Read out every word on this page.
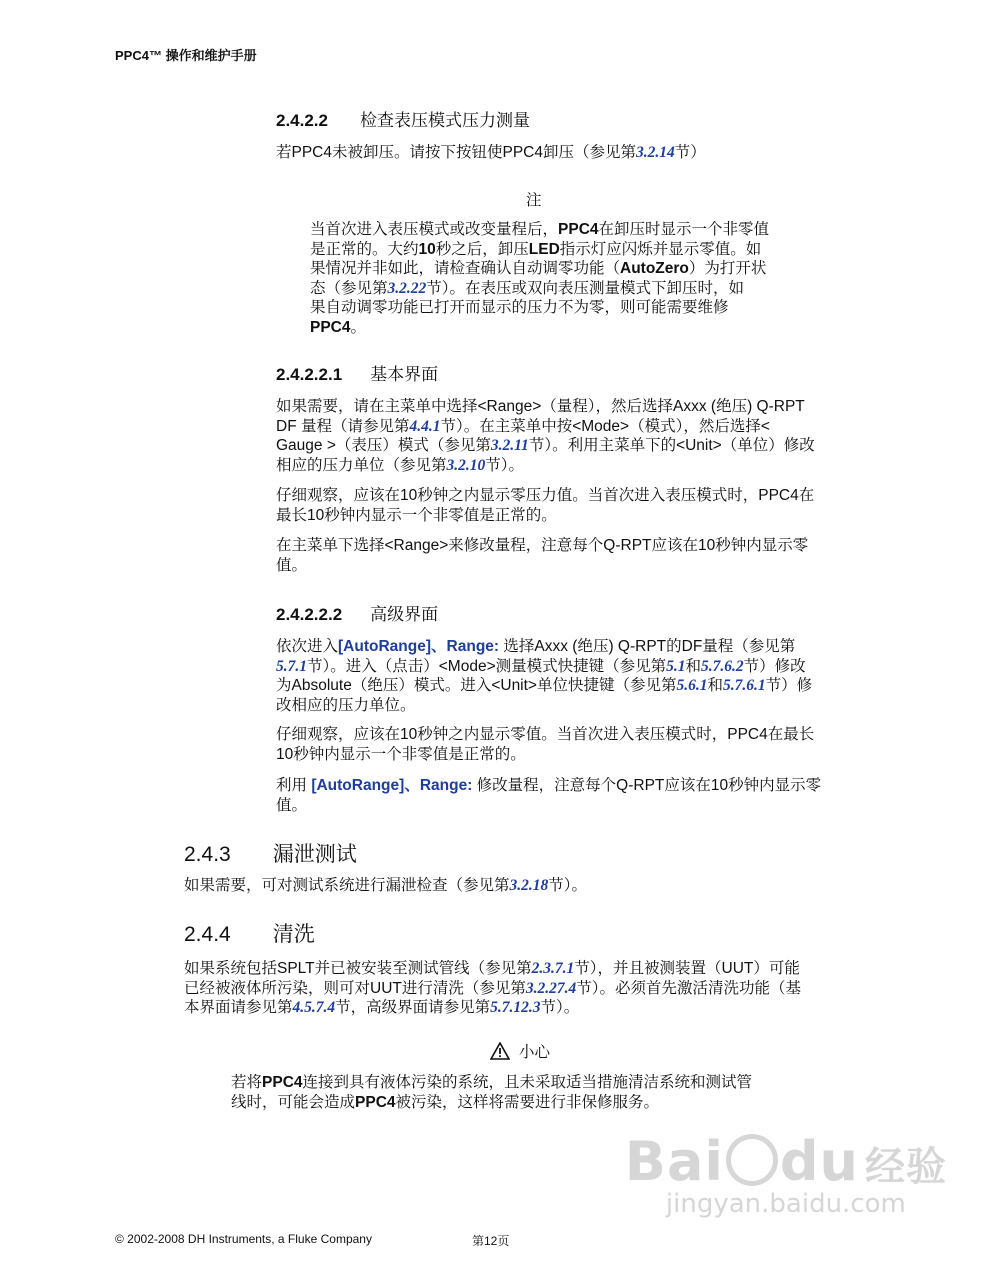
PPC4™ 操作和维护手册
2.4.2.2 检查表压模式压力测量
若PPC4未被卸压。请按下按钮使PPC4卸压（参见第3.2.14节）
注
当首次进入表压模式或改变量程后，PPC4在卸压时显示一个非零值
是正常的。大约10秒之后，卸压LED指示灯应闪烁并显示零值。如
果情况并非如此，请检查确认自动调零功能（AutoZero）为打开状
态（参见第3.2.22节）。在表压或双向表压测量模式下卸压时，如
果自动调零功能已打开而显示的压力不为零，则可能需要维修
PPC4。
2.4.2.2.1 基本界面
如果需要，请在主菜单中选择<Range>（量程），然后选择Axxx (绝压) Q-RPT
DF 量程（请参见第4.4.1节）。在主菜单中按<Mode>（模式），然后选择<
Gauge >（表压）模式（参见第3.2.11节）。利用主菜单下的<Unit>（单位）修改
相应的压力单位（参见第3.2.10节）。
仔细观察，应该在10秒钟之内显示零压力值。当首次进入表压模式时，PPC4在
最长10秒钟内显示一个非零值是正常的。
在主菜单下选择<Range>来修改量程，注意每个Q-RPT应该在10秒钟内显示零
值。
2.4.2.2.2 高级界面
依次进入[AutoRange]、Range: 选择Axxx (绝压) Q-RPT的DF量程（参见第
5.7.1节）。进入（点击）<Mode>测量模式快捷键（参见第5.1和5.7.6.2节）修改
为Absolute（绝压）模式。进入<Unit>单位快捷键（参见第5.6.1和5.7.6.1节）修
改相应的压力单位。
仔细观察，应该在10秒钟之内显示零值。当首次进入表压模式时，PPC4在最长
10秒钟内显示一个非零值是正常的。
利用 [AutoRange]、Range: 修改量程，注意每个Q-RPT应该在10秒钟内显示零
值。
2.4.3 漏泄测试
如果需要，可对测试系统进行漏泄检查（参见第3.2.18节）。
2.4.4 清洗
如果系统包括SPLT并已被安装至测试管线（参见第2.3.7.1节），并且被测装置（UUT）可能
已经被液体所污染，则可对UUT进行清洗（参见第3.2.27.4节）。必须首先激活清洗功能（基
本界面请参见第4.5.7.4节，高级界面请参见第5.7.12.3节）。
小心
若将PPC4连接到具有液体污染的系统，且未采取适当措施清洁系统和测试管
线时，可能会造成PPC4被污染，这样将需要进行非保修服务。
Bai du 经验
jingyan.baidu.com
© 2002-2008 DH Instruments, a Fluke Company	第12页
